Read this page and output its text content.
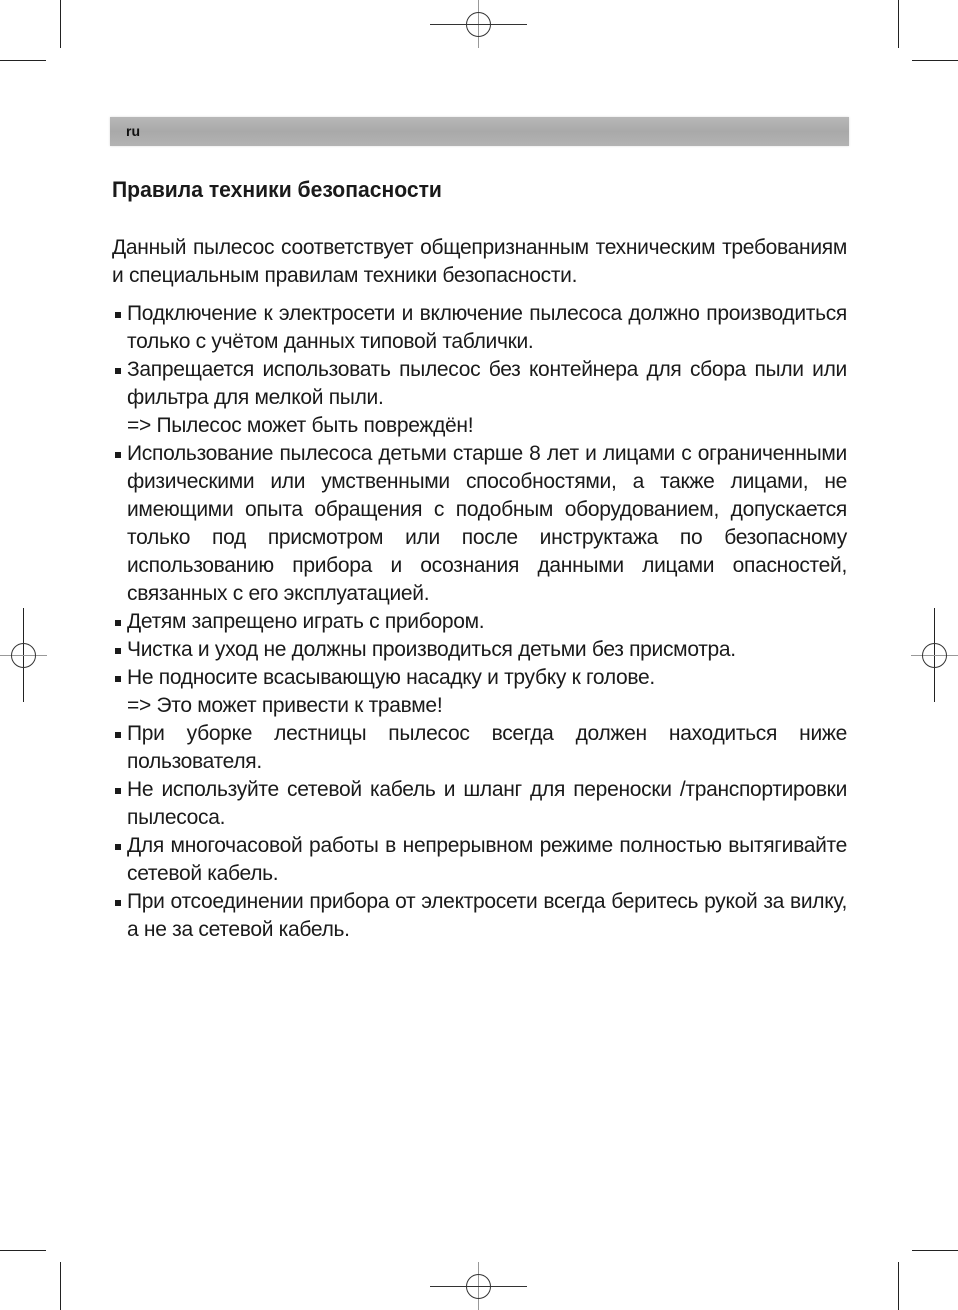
ru
Правила техники безопасности

Данный пылесос соответствует общепризнанным техническим требованиям и специальным правилам техники безопасности.

Подключение к электросети и включение пылесоса должно производиться только с учётом данных типовой таблички.
Запрещается использовать пылесос без контейнера для сбора пыли или фильтра для мелкой пыли.
=> Пылесос может быть повреждён!
Использование пылесоса детьми старше 8 лет и лицами с ограниченными физическими или умственными способностями, а также лицами, не имеющими опыта обращения с подобным оборудованием, допускается только под присмотром или после инструктажа по безопасному использованию прибора и осознания данными лицами опасностей, связанных с его эксплуатацией.
Детям запрещено играть с прибором.
Чистка и уход не должны производиться детьми без присмотра.
Не подносите всасывающую насадку и трубку к голове.
=> Это может привести к травме!
При уборке лестницы пылесос всегда должен находиться ниже пользователя.
Не используйте сетевой кабель и шланг для переноски /транспортировки пылесоса.
Для многочасовой работы в непрерывном режиме полностью вытягивайте сетевой кабель.
При отсоединении прибора от электросети всегда беритесь рукой за вилку, а не за сетевой кабель.
